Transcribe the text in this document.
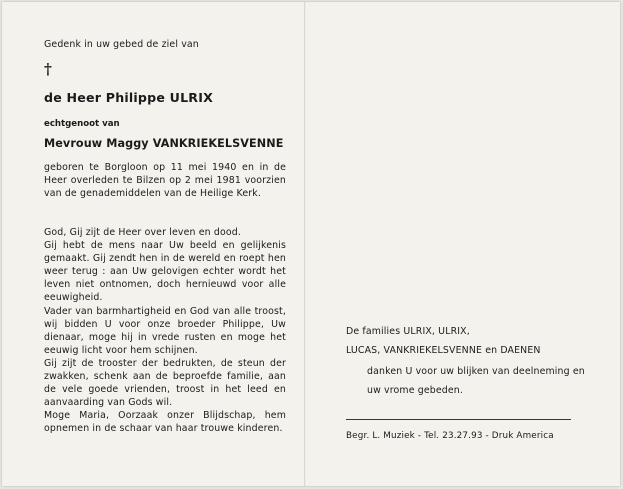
Gedenk in uw gebed de ziel van

†
de Heer Philippe ULRIX
echtgenoot van
Mevrouw Maggy VANKRIEKELSVENNE

geboren te Borgloon op 11 mei 1940 en in de Heer overleden te Bilzen op 2 mei 1981 voorzien van de genademiddelen van de Heilige Kerk.

God, Gij zijt de Heer over leven en dood.

Gij hebt de mens naar Uw beeld en gelijkenis gemaakt. Gij zendt hen in de wereld en roept hen weer terug : aan Uw gelovigen echter wordt het leven niet ontnomen, doch hernieuwd voor alle eeuwigheid.

Vader van barmhartigheid en God van alle troost, wij bidden U voor onze broeder Philippe, Uw dienaar, moge hij in vrede rusten en moge het eeuwig licht voor hem schijnen.

Gij zijt de trooster der bedrukten, de steun der zwakken, schenk aan de beproefde familie, aan de vele goede vrienden, troost in het leed en aanvaarding van Gods wil.

Moge Maria, Oorzaak onzer Blijdschap, hem opnemen in de schaar van haar trouwe kinderen.

De families ULRIX, ULRIX,

LUCAS, VANKRIEKELSVENNE en DAENEN

danken U voor uw blijken van deelneming en uw vrome gebeden.

Begr. L. Muziek - Tel. 23.27.93 - Druk America
